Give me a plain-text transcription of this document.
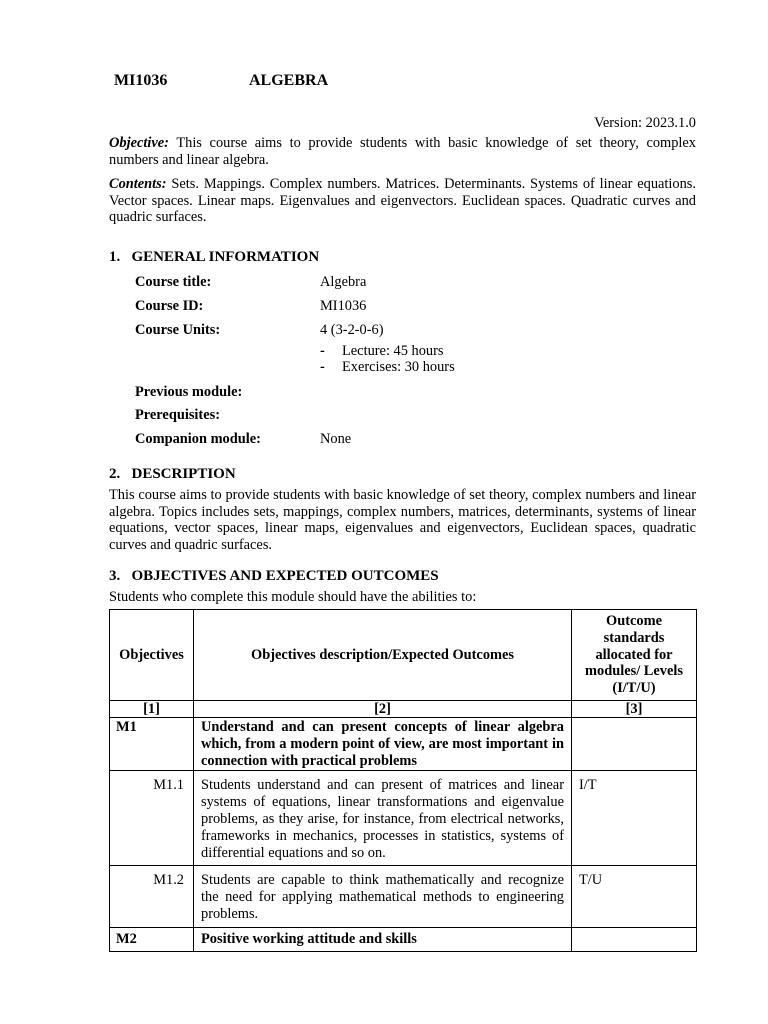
MI1036	ALGEBRA
Version: 2023.1.0
Objective: This course aims to provide students with basic knowledge of set theory, complex numbers and linear algebra.
Contents: Sets. Mappings. Complex numbers. Matrices. Determinants. Systems of linear equations. Vector spaces. Linear maps. Eigenvalues and eigenvectors. Euclidean spaces. Quadratic curves and quadric surfaces.
1.   GENERAL INFORMATION
Course title:	Algebra
Course ID:	MI1036
Course Units:	4 (3-2-0-6)
- Lecture: 45 hours
- Exercises: 30 hours
Previous module:
Prerequisites:
Companion module:	None
2.   DESCRIPTION
This course aims to provide students with basic knowledge of set theory, complex numbers and linear algebra. Topics includes sets, mappings, complex numbers, matrices, determinants, systems of linear equations, vector spaces, linear maps, eigenvalues and eigenvectors, Euclidean spaces, quadratic curves and quadric surfaces.
3.   OBJECTIVES AND EXPECTED OUTCOMES
Students who complete this module should have the abilities to:
Objectives	Objectives description/Expected Outcomes	Outcome standards allocated for modules/ Levels (I/T/U)
[1]	[2]	[3]
M1	Understand and can present concepts of linear algebra which, from a modern point of view, are most important in connection with practical problems	
M1.1	Students understand and can present of matrices and linear systems of equations, linear transformations and eigenvalue problems, as they arise, for instance, from electrical networks, frameworks in mechanics, processes in statistics, systems of differential equations and so on.	I/T
M1.2	Students are capable to think mathematically and recognize the need for applying mathematical methods to engineering problems.	T/U
M2	Positive working attitude and skills	
